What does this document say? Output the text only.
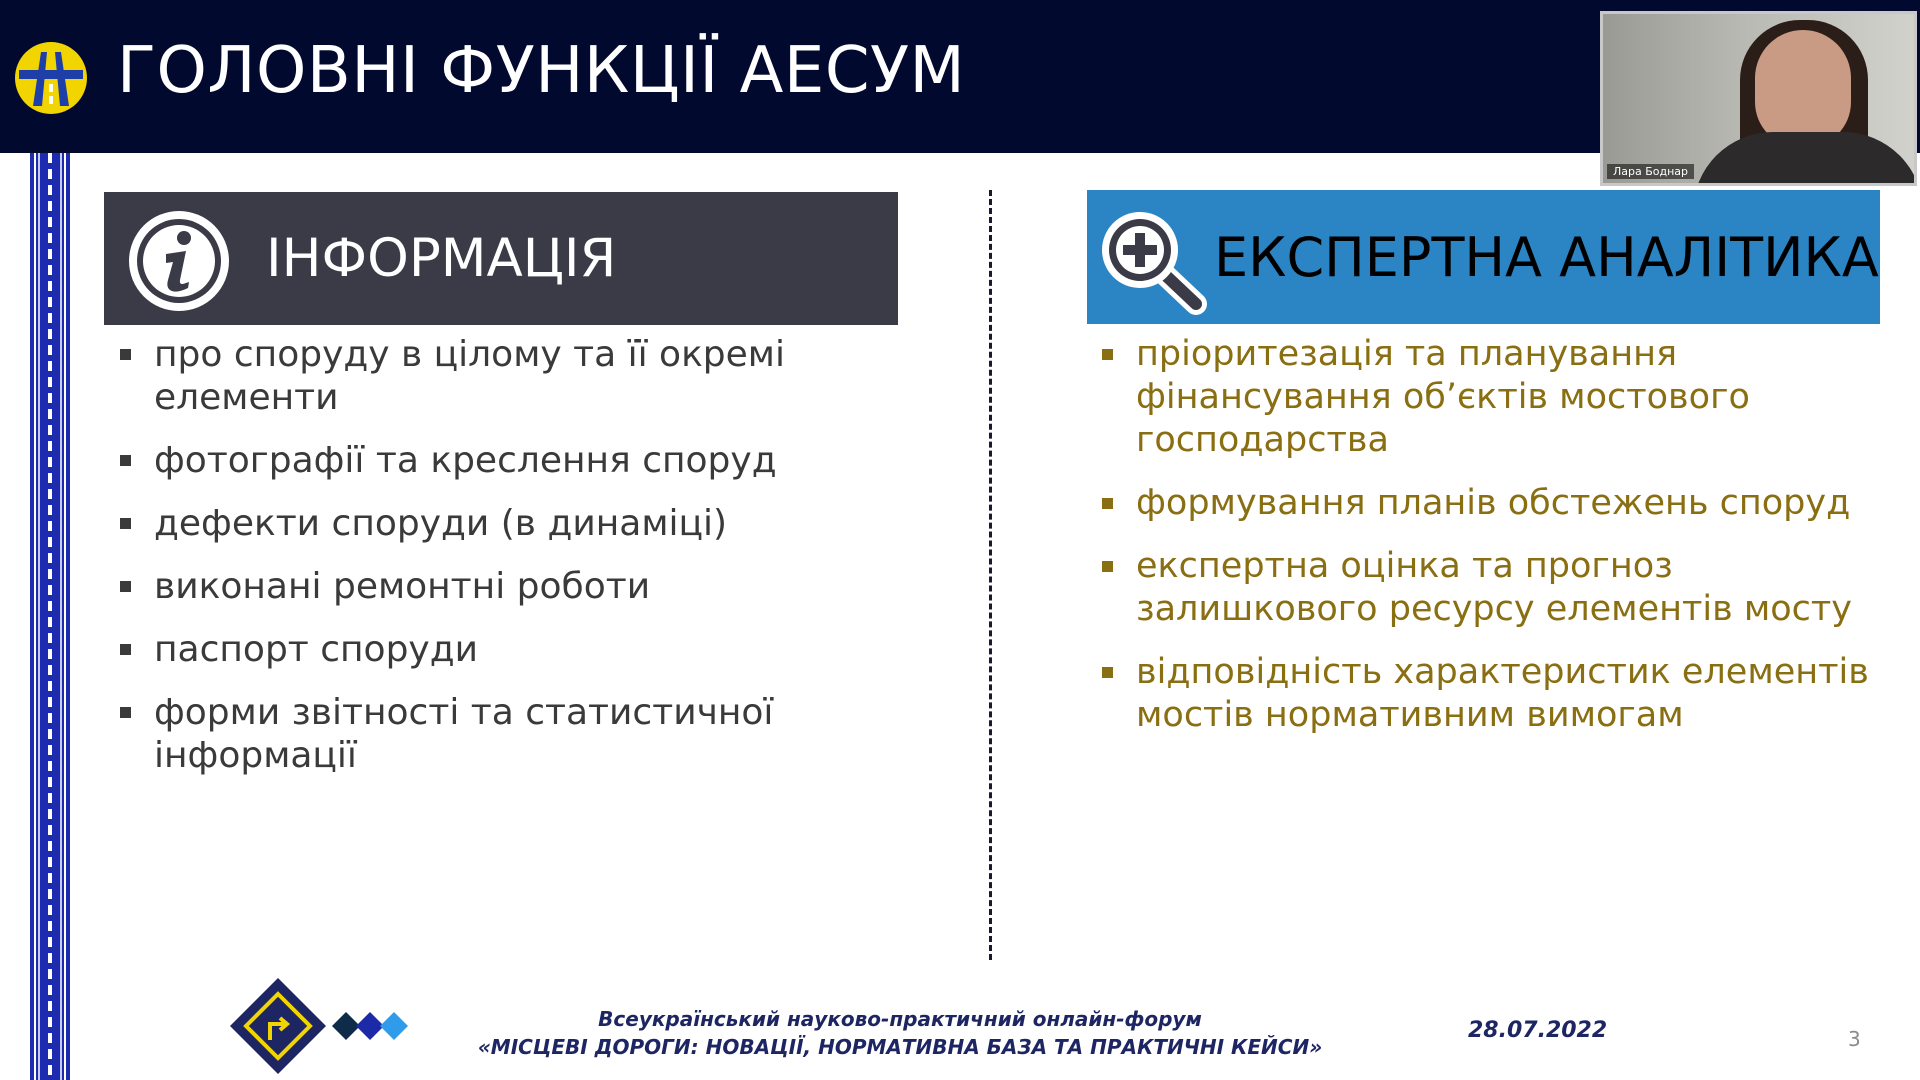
ГОЛОВНІ ФУНКЦІЇ АЕСУМ
Лара Боднар
ІНФОРМАЦІЯ	ЕКСПЕРТНА АНАЛІТИКА
про споруду в цілому та її окремі елементи
фотографії та креслення споруд
дефекти споруди (в динаміці)
виконані ремонтні роботи
паспорт споруди
форми звітності та статистичної інформації
пріоритезація та планування фінансування об’єктів мостового господарства
формування планів обстежень споруд
експертна оцінка та прогноз залишкового ресурсу елементів мосту
відповідність характеристик елементів мостів нормативним вимогам
Всеукраїнський науково-практичний онлайн-форум
«МІСЦЕВІ ДОРОГИ: НОВАЦІЇ, НОРМАТИВНА БАЗА ТА ПРАКТИЧНІ КЕЙСИ»
28.07.2022	3
